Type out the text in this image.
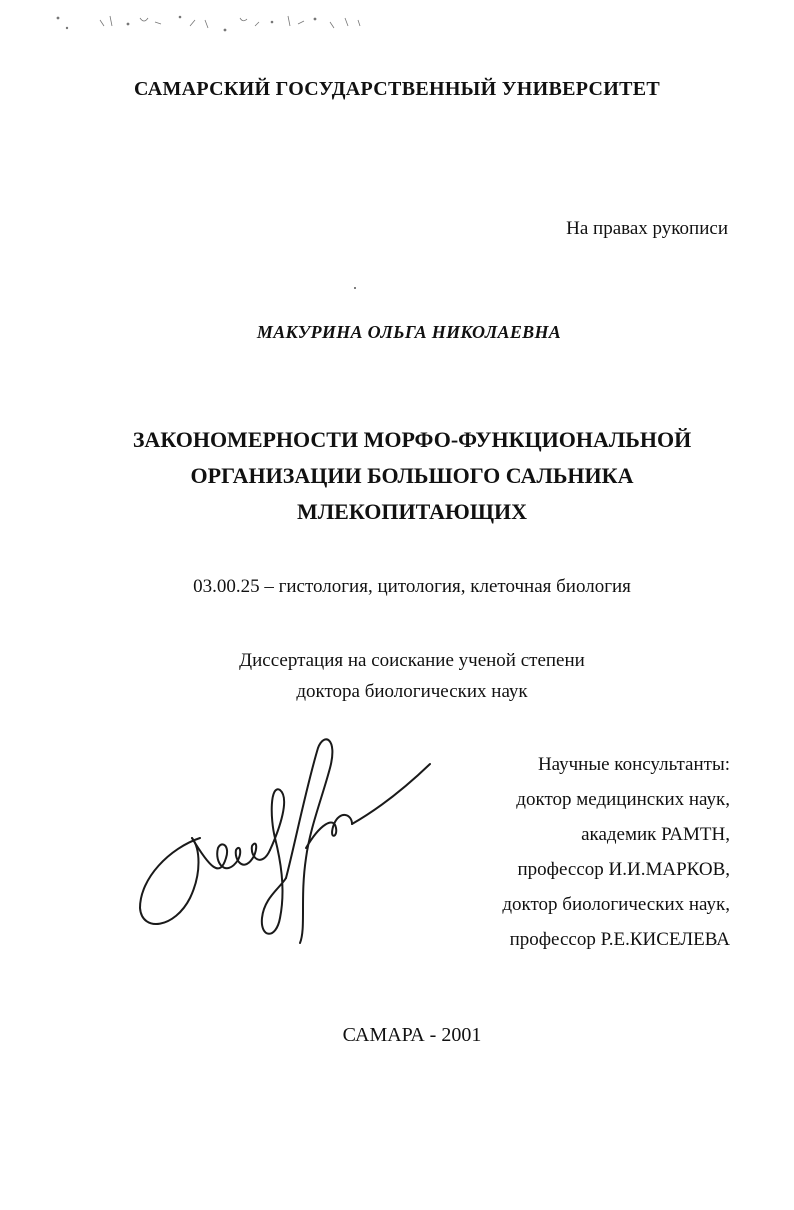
САМАРСКИЙ ГОСУДАРСТВЕННЫЙ УНИВЕРСИТЕТ
На правах рукописи
МАКУРИНА ОЛЬГА НИКОЛАЕВНА
ЗАКОНОМЕРНОСТИ МОРФО-ФУНКЦИОНАЛЬНОЙ
ОРГАНИЗАЦИИ БОЛЬШОГО САЛЬНИКА
МЛЕКОПИТАЮЩИХ
03.00.25 – гистология, цитология, клеточная биология
Диссертация на соискание ученой степени
доктора биологических наук
Научные консультанты:
доктор медицинских наук,
академик РАМТН,
профессор И.И.МАРКОВ,
доктор биологических наук,
профессор Р.Е.КИСЕЛЕВА
САМАРА - 2001
